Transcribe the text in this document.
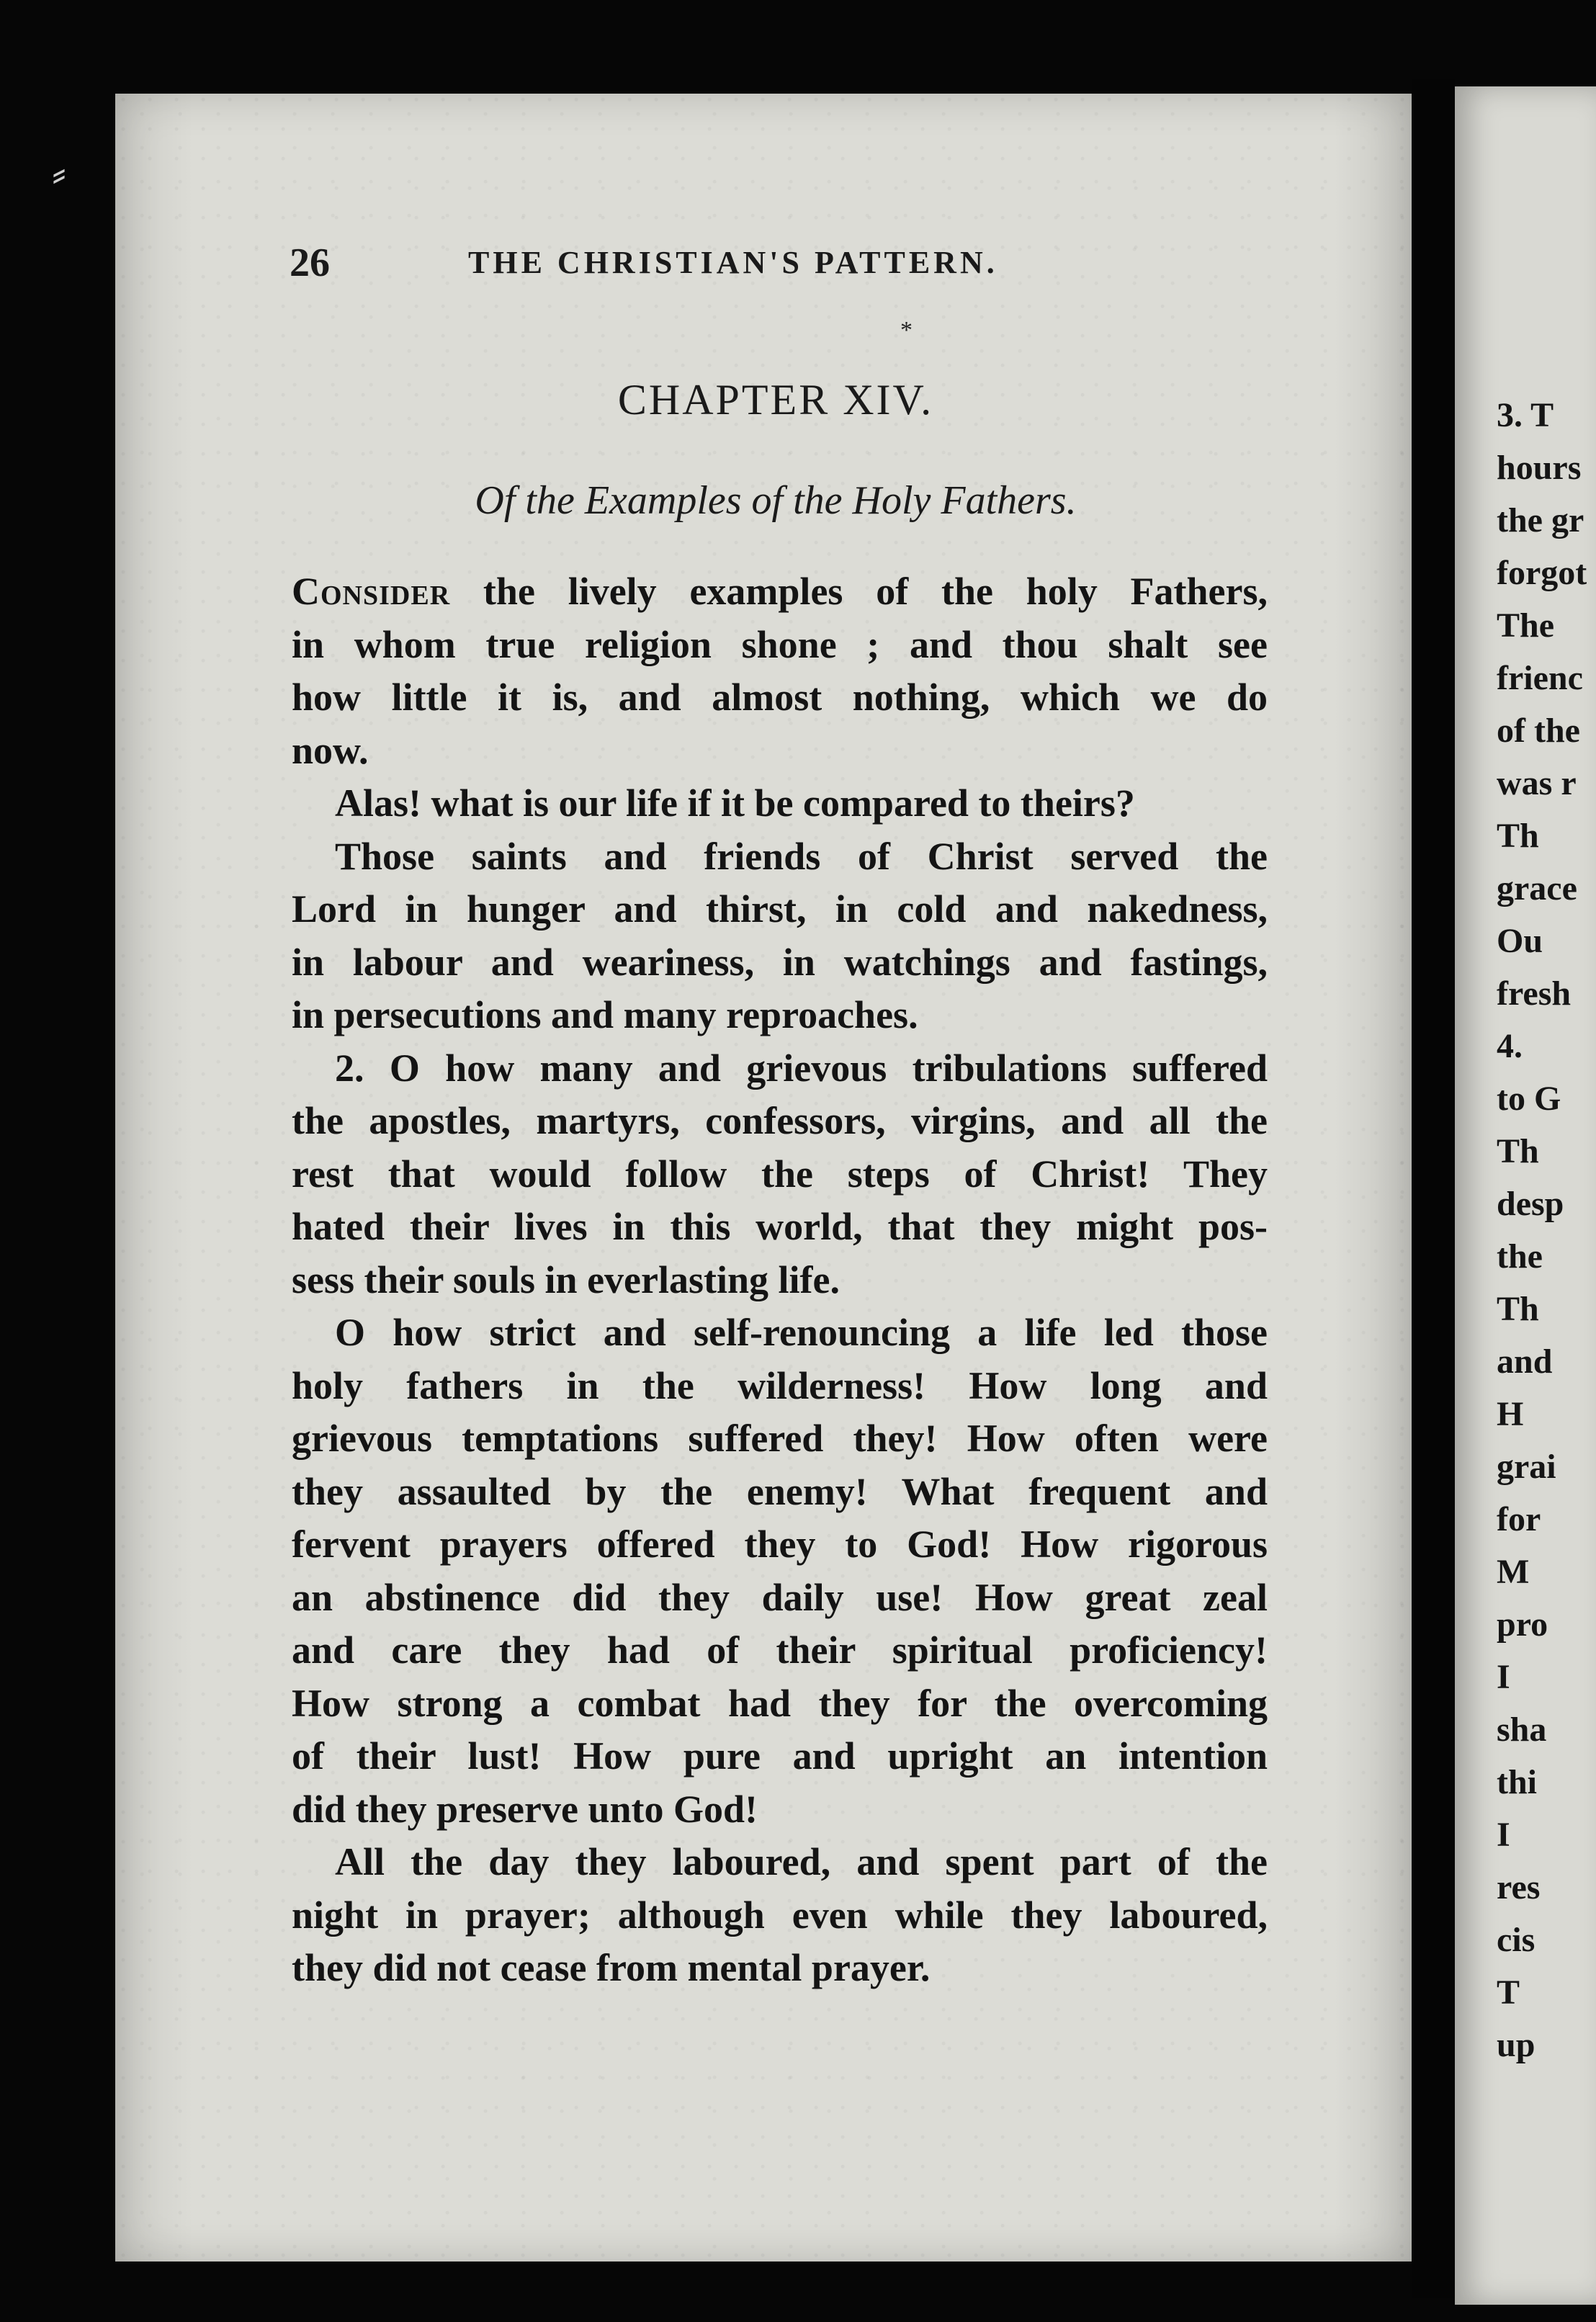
⸗
3. T
hours
the gr
forgot
The
frienc
of the
was r
Th
grace
Ou
fresh
4.
to G
Th
desp
the
Th
and
H
grai
for
M
pro
I
sha
thi
I
res
cis
T
up
26	THE CHRISTIAN'S PATTERN.
*
CHAPTER XIV.
Of the Examples of the Holy Fathers.
Consider the lively examples of the holy Fathers,
in whom true religion shone ; and thou shalt see
how little it is, and almost nothing, which we do
now.
Alas! what is our life if it be compared to theirs?
Those saints and friends of Christ served the
Lord in hunger and thirst, in cold and nakedness,
in labour and weariness, in watchings and fastings,
in persecutions and many reproaches.
2. O how many and grievous tribulations suffered
the apostles, martyrs, confessors, virgins, and all the
rest that would follow the steps of Christ! They
hated their lives in this world, that they might pos-
sess their souls in everlasting life.
O how strict and self-renouncing a life led those
holy fathers in the wilderness! How long and
grievous temptations suffered they! How often were
they assaulted by the enemy! What frequent and
fervent prayers offered they to God! How rigorous
an abstinence did they daily use! How great zeal
and care they had of their spiritual proficiency!
How strong a combat had they for the overcoming
of their lust! How pure and upright an intention
did they preserve unto God!
All the day they laboured, and spent part of the
night in prayer; although even while they laboured,
they did not cease from mental prayer.
